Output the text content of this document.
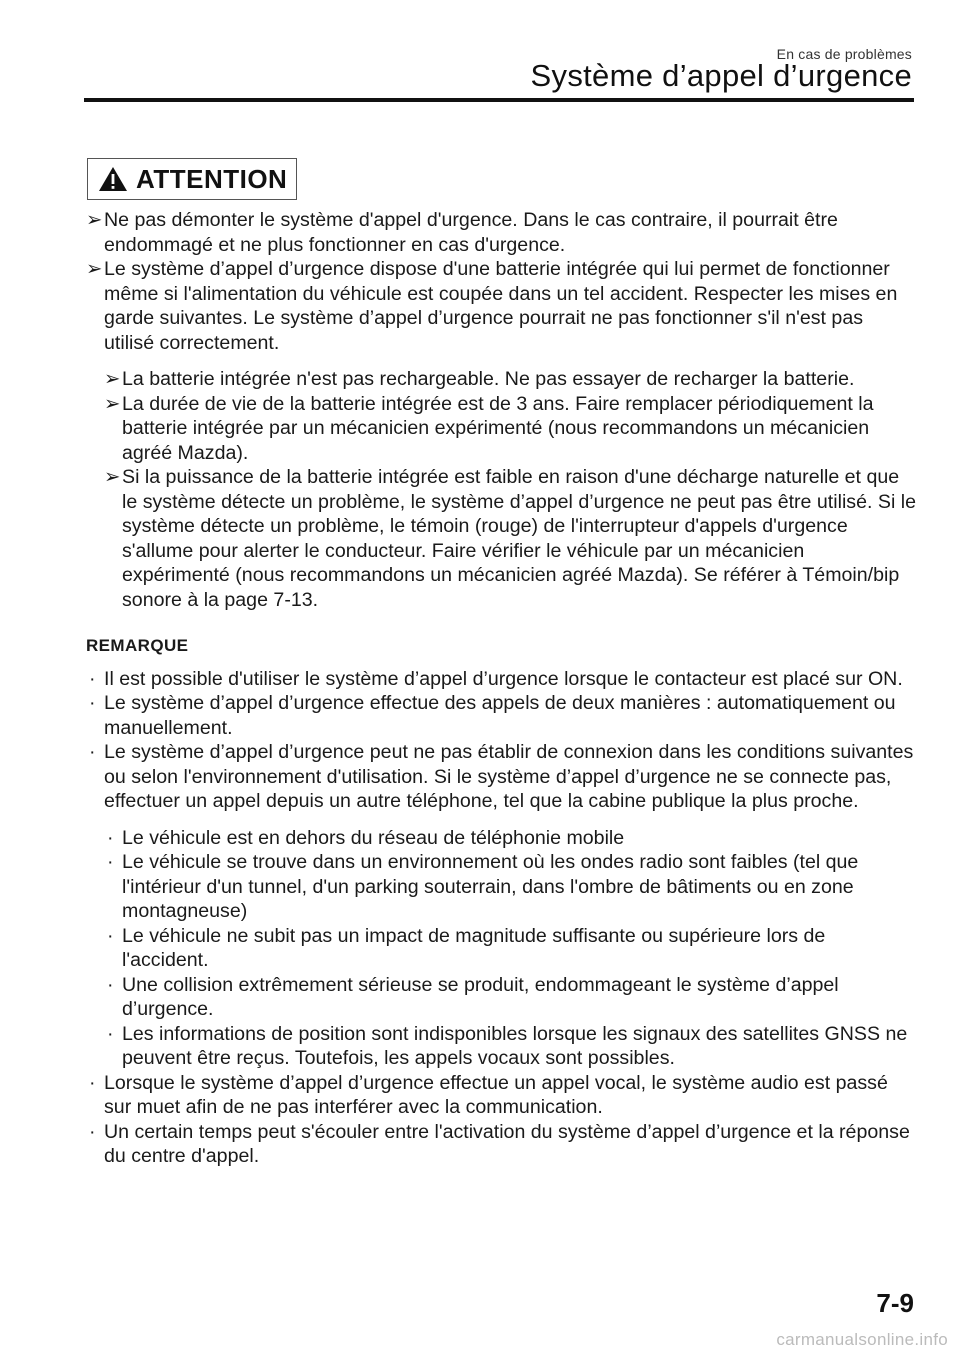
En cas de problèmes
Système d’appel d’urgence
ATTENTION
➢ Ne pas démonter le système d'appel d'urgence. Dans le cas contraire, il pourrait être endommagé et ne plus fonctionner en cas d'urgence.
➢ Le système d’appel d’urgence dispose d'une batterie intégrée qui lui permet de fonctionner même si l'alimentation du véhicule est coupée dans un tel accident. Respecter les mises en garde suivantes. Le système d’appel d’urgence pourrait ne pas fonctionner s'il n'est pas utilisé correctement.
➢ La batterie intégrée n'est pas rechargeable. Ne pas essayer de recharger la batterie.
➢ La durée de vie de la batterie intégrée est de 3 ans. Faire remplacer périodiquement la batterie intégrée par un mécanicien expérimenté (nous recommandons un mécanicien agréé Mazda).
➢ Si la puissance de la batterie intégrée est faible en raison d'une décharge naturelle et que le système détecte un problème, le système d’appel d’urgence ne peut pas être utilisé. Si le système détecte un problème, le témoin (rouge) de l'interrupteur d'appels d'urgence s'allume pour alerter le conducteur. Faire vérifier le véhicule par un mécanicien expérimenté (nous recommandons un mécanicien agréé Mazda). Se référer à Témoin/bip sonore à la page 7-13.
REMARQUE
· Il est possible d'utiliser le système d’appel d’urgence lorsque le contacteur est placé sur ON.
· Le système d’appel d’urgence effectue des appels de deux manières : automatiquement ou manuellement.
· Le système d’appel d’urgence peut ne pas établir de connexion dans les conditions suivantes ou selon l'environnement d'utilisation. Si le système d’appel d’urgence ne se connecte pas, effectuer un appel depuis un autre téléphone, tel que la cabine publique la plus proche.
· Le véhicule est en dehors du réseau de téléphonie mobile
· Le véhicule se trouve dans un environnement où les ondes radio sont faibles (tel que l'intérieur d'un tunnel, d'un parking souterrain, dans l'ombre de bâtiments ou en zone montagneuse)
· Le véhicule ne subit pas un impact de magnitude suffisante ou supérieure lors de l'accident.
· Une collision extrêmement sérieuse se produit, endommageant le système d’appel d’urgence.
· Les informations de position sont indisponibles lorsque les signaux des satellites GNSS ne peuvent être reçus. Toutefois, les appels vocaux sont possibles.
· Lorsque le système d’appel d’urgence effectue un appel vocal, le système audio est passé sur muet afin de ne pas interférer avec la communication.
· Un certain temps peut s'écouler entre l'activation du système d’appel d’urgence et la réponse du centre d'appel.
7-9
carmanualsonline.info
